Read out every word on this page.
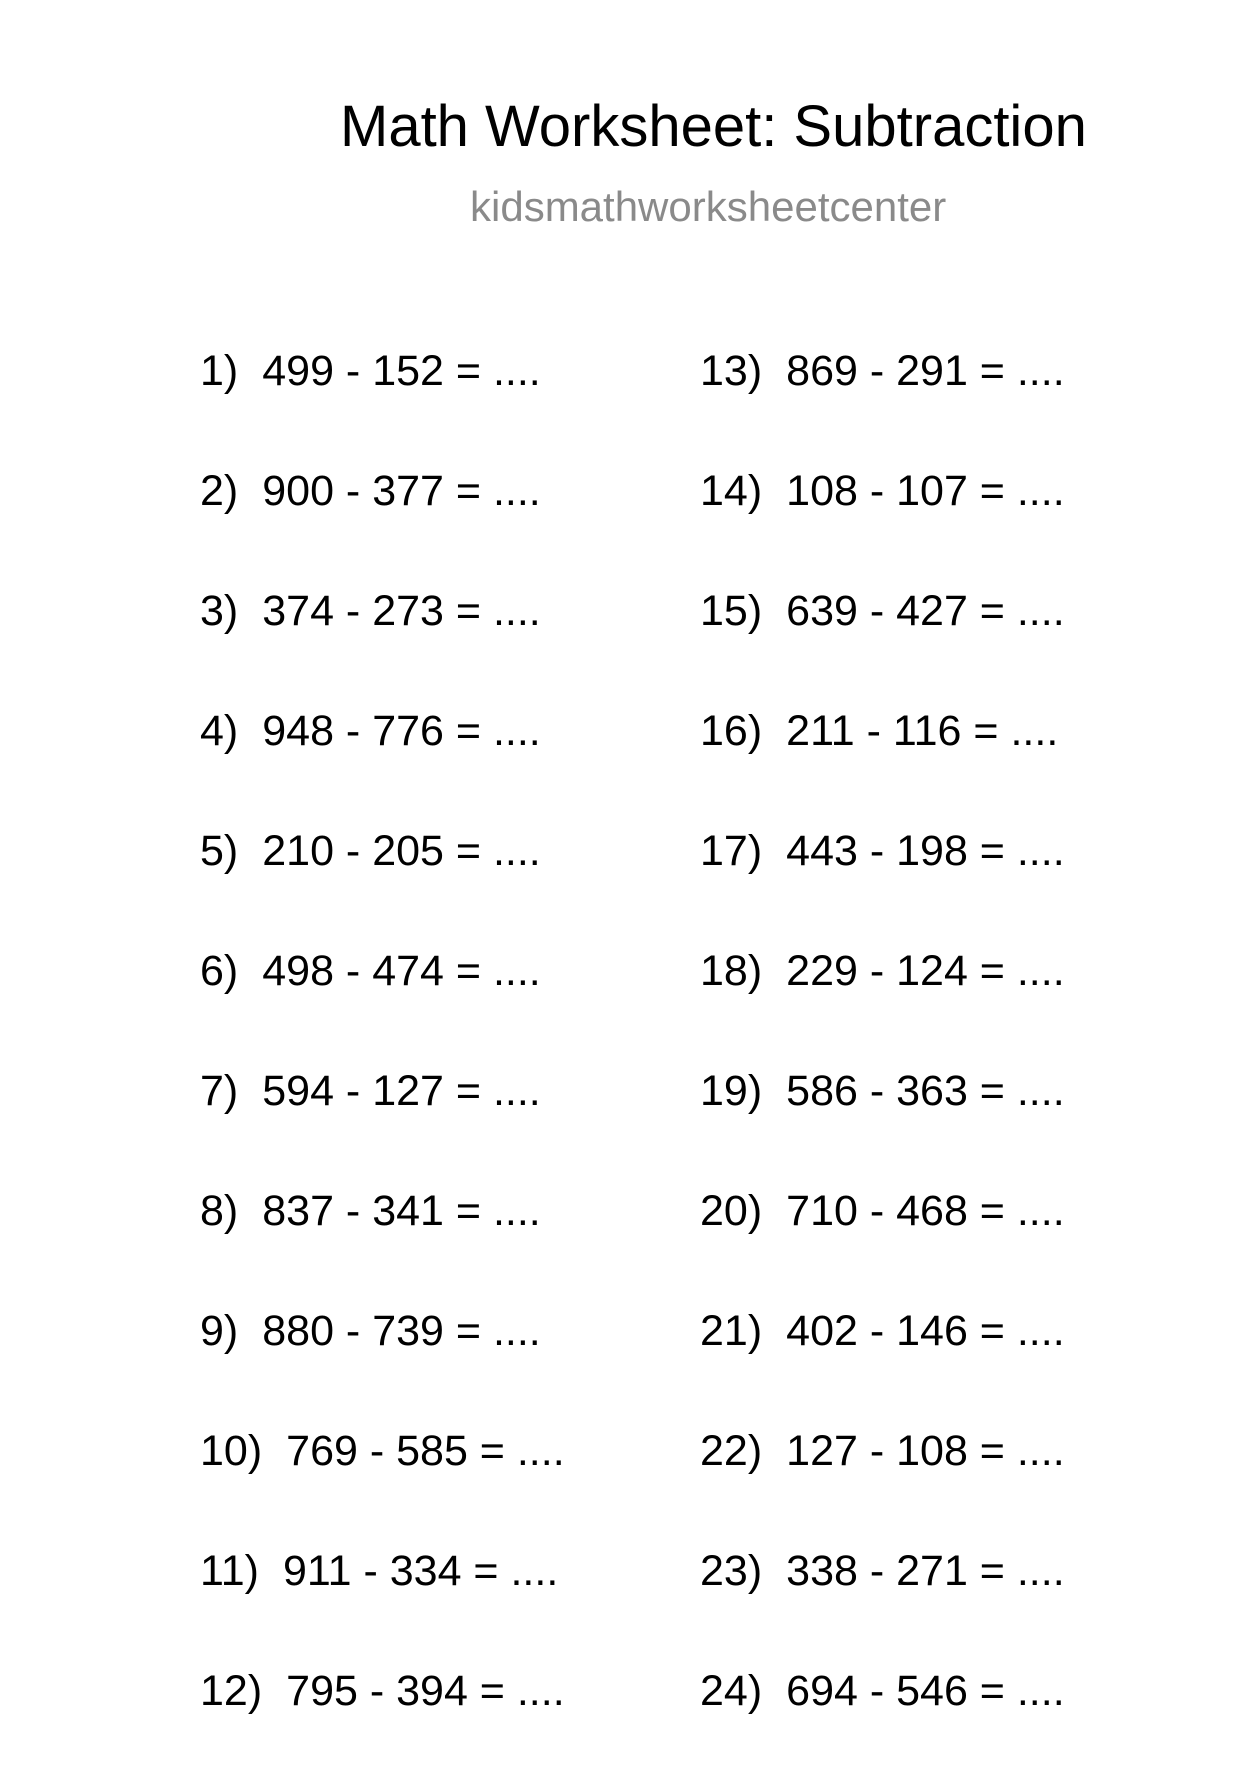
Math Worksheet: Subtraction
kidsmathworksheetcenter
1) 499 - 152 = ....
2) 900 - 377 = ....
3) 374 - 273 = ....
4) 948 - 776 = ....
5) 210 - 205 = ....
6) 498 - 474 = ....
7) 594 - 127 = ....
8) 837 - 341 = ....
9) 880 - 739 = ....
10) 769 - 585 = ....
11) 911 - 334 = ....
12) 795 - 394 = ....
13) 869 - 291 = ....
14) 108 - 107 = ....
15) 639 - 427 = ....
16) 211 - 116 = ....
17) 443 - 198 = ....
18) 229 - 124 = ....
19) 586 - 363 = ....
20) 710 - 468 = ....
21) 402 - 146 = ....
22) 127 - 108 = ....
23) 338 - 271 = ....
24) 694 - 546 = ....
